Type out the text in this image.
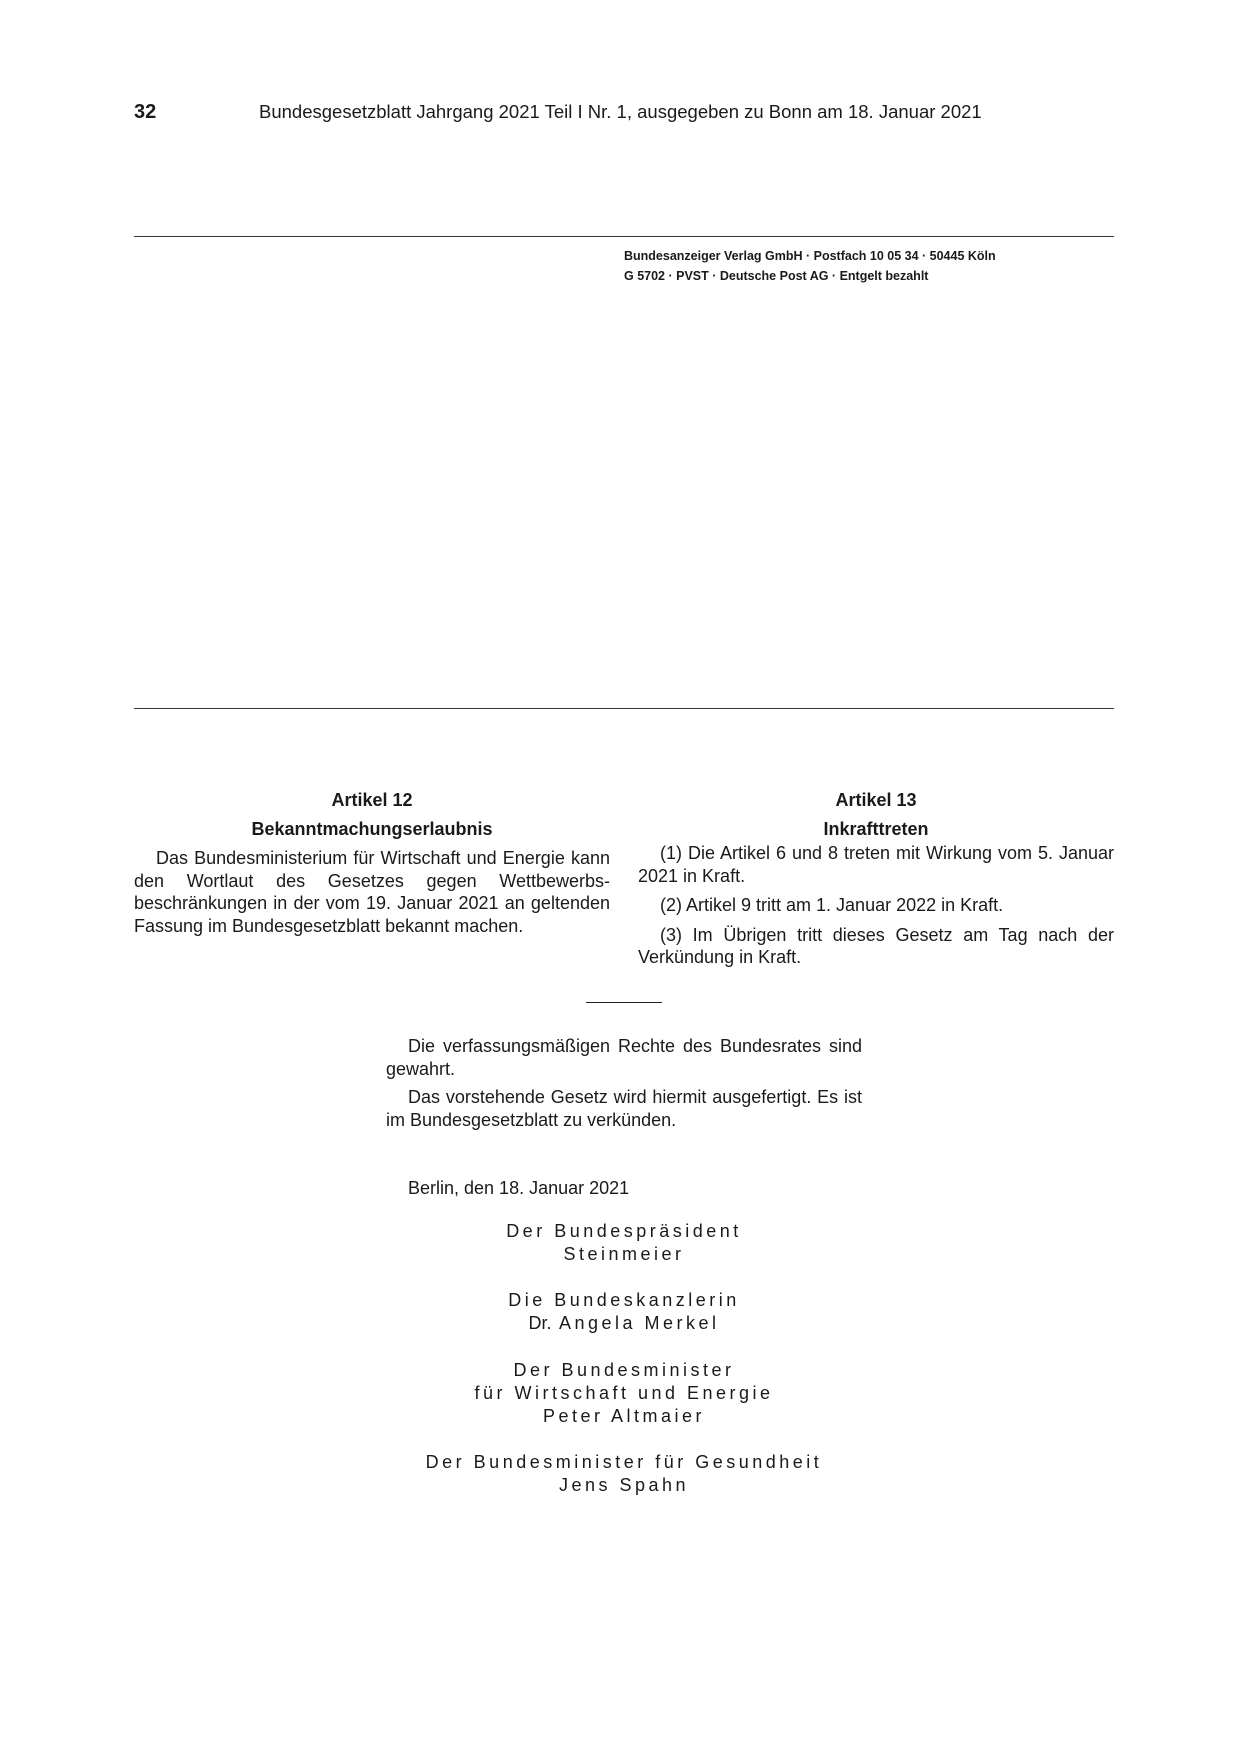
32	Bundesgesetzblatt Jahrgang 2021 Teil I Nr. 1, ausgegeben zu Bonn am 18. Januar 2021
Bundesanzeiger Verlag GmbH · Postfach 10 05 34 · 50445 Köln
G 5702 · PVST · Deutsche Post AG · Entgelt bezahlt
Artikel 12
Bekanntmachungserlaubnis

Das Bundesministerium für Wirtschaft und Energie kann den Wortlaut des Gesetzes gegen Wettbewerbsbeschränkungen in der vom 19. Januar 2021 an geltenden Fassung im Bundesgesetzblatt bekannt machen.

Artikel 13
Inkrafttreten

(1) Die Artikel 6 und 8 treten mit Wirkung vom 5. Januar 2021 in Kraft.

(2) Artikel 9 tritt am 1. Januar 2022 in Kraft.

(3) Im Übrigen tritt dieses Gesetz am Tag nach der Verkündung in Kraft.

Die verfassungsmäßigen Rechte des Bundesrates sind gewahrt.

Das vorstehende Gesetz wird hiermit ausgefertigt. Es ist im Bundesgesetzblatt zu verkünden.

Berlin, den 18. Januar 2021
Der Bundespräsident
Steinmeier
Die Bundeskanzlerin
Dr. Angela Merkel
Der Bundesminister
für Wirtschaft und Energie
Peter Altmaier
Der Bundesminister für Gesundheit
Jens Spahn
